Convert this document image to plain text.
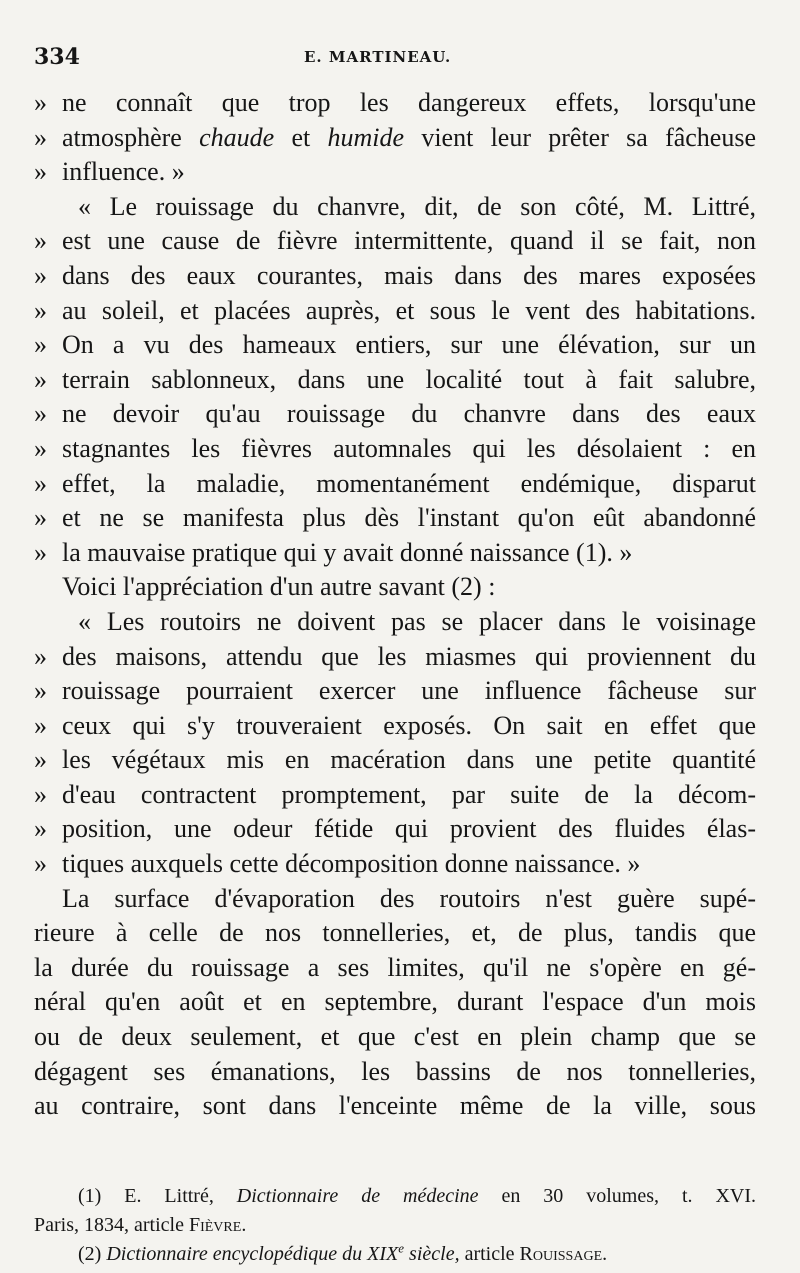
334	E. MARTINEAU.
» ne connaît que trop les dangereux effets, lorsqu'une
» atmosphère chaude et humide vient leur prêter sa fâcheuse
» influence. »
« Le rouissage du chanvre, dit, de son côté, M. Littré,
» est une cause de fièvre intermittente, quand il se fait, non
» dans des eaux courantes, mais dans des mares exposées
» au soleil, et placées auprès, et sous le vent des habitations.
» On a vu des hameaux entiers, sur une élévation, sur un
» terrain sablonneux, dans une localité tout à fait salubre,
» ne devoir qu'au rouissage du chanvre dans des eaux
» stagnantes les fièvres automnales qui les désolaient : en
» effet, la maladie, momentanément endémique, disparut
» et ne se manifesta plus dès l'instant qu'on eût abandonné
» la mauvaise pratique qui y avait donné naissance (1). »
Voici l'appréciation d'un autre savant (2) :
« Les routoirs ne doivent pas se placer dans le voisinage
» des maisons, attendu que les miasmes qui proviennent du
» rouissage pourraient exercer une influence fâcheuse sur
» ceux qui s'y trouveraient exposés. On sait en effet que
» les végétaux mis en macération dans une petite quantité
» d'eau contractent promptement, par suite de la décom-
» position, une odeur fétide qui provient des fluides élas-
» tiques auxquels cette décomposition donne naissance. »
La surface d'évaporation des routoirs n'est guère supé-
rieure à celle de nos tonnelleries, et, de plus, tandis que
la durée du rouissage a ses limites, qu'il ne s'opère en gé-
néral qu'en août et en septembre, durant l'espace d'un mois
ou de deux seulement, et que c'est en plein champ que se
dégagent ses émanations, les bassins de nos tonnelleries,
au contraire, sont dans l'enceinte même de la ville, sous
(1) E. Littré, Dictionnaire de médecine en 30 volumes, t. XVI.
Paris, 1834, article Fièvre.
(2) Dictionnaire encyclopédique du XIXe siècle, article Rouissage.
